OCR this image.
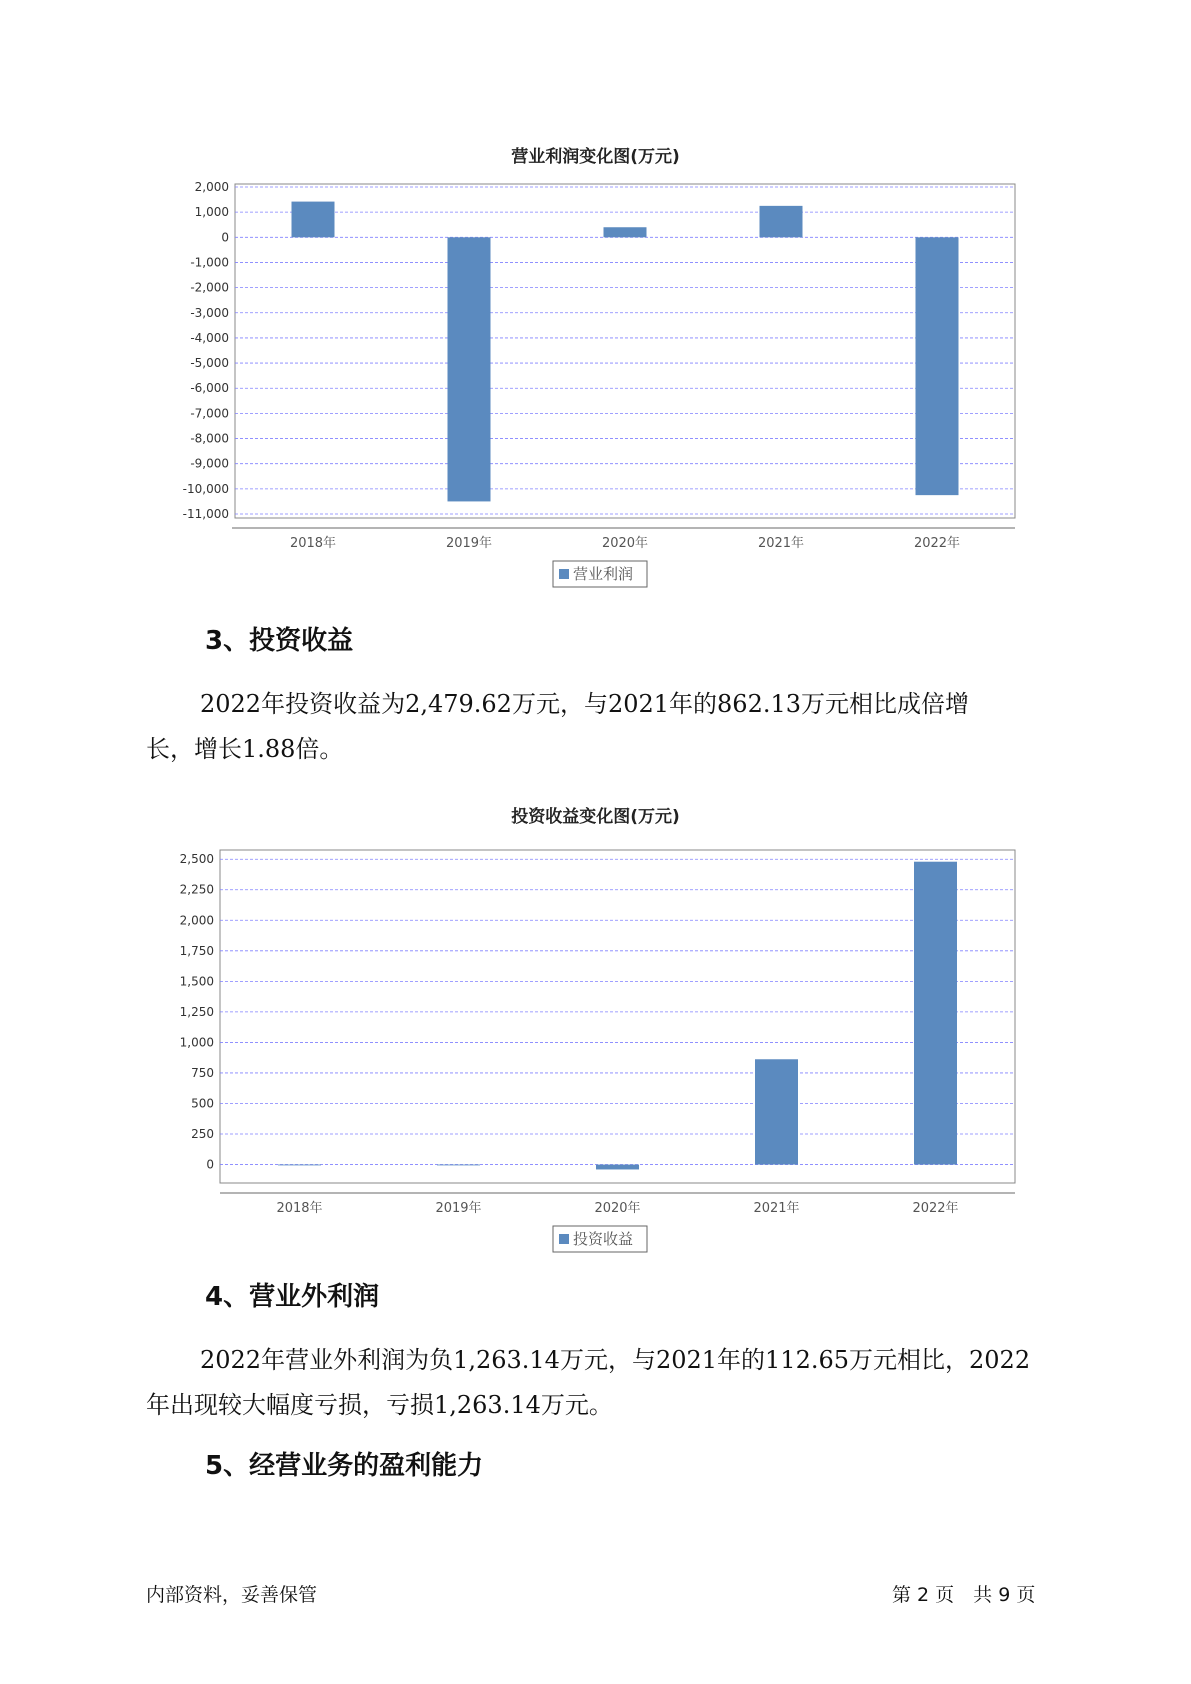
营业利润变化图(万元)
2,000
1,000
0
-1,000
-2,000
-3,000
-4,000
-5,000
-6,000
-7,000
-8,000
-9,000
-10,000
-11,000
2018年	2019年	2020年	2021年	2022年
营业利润
3、投资收益
2022年投资收益为2,479.62万元，与2021年的862.13万元相比成倍增
长，增长1.88倍。
投资收益变化图(万元)
2,500
2,250
2,000
1,750
1,500
1,250
1,000
750
500
250
0
2018年	2019年	2020年	2021年	2022年
投资收益
4、营业外利润
2022年营业外利润为负1,263.14万元，与2021年的112.65万元相比，2022
年出现较大幅度亏损，亏损1,263.14万元。
5、经营业务的盈利能力
内部资料，妥善保管	第 2 页　共 9 页
